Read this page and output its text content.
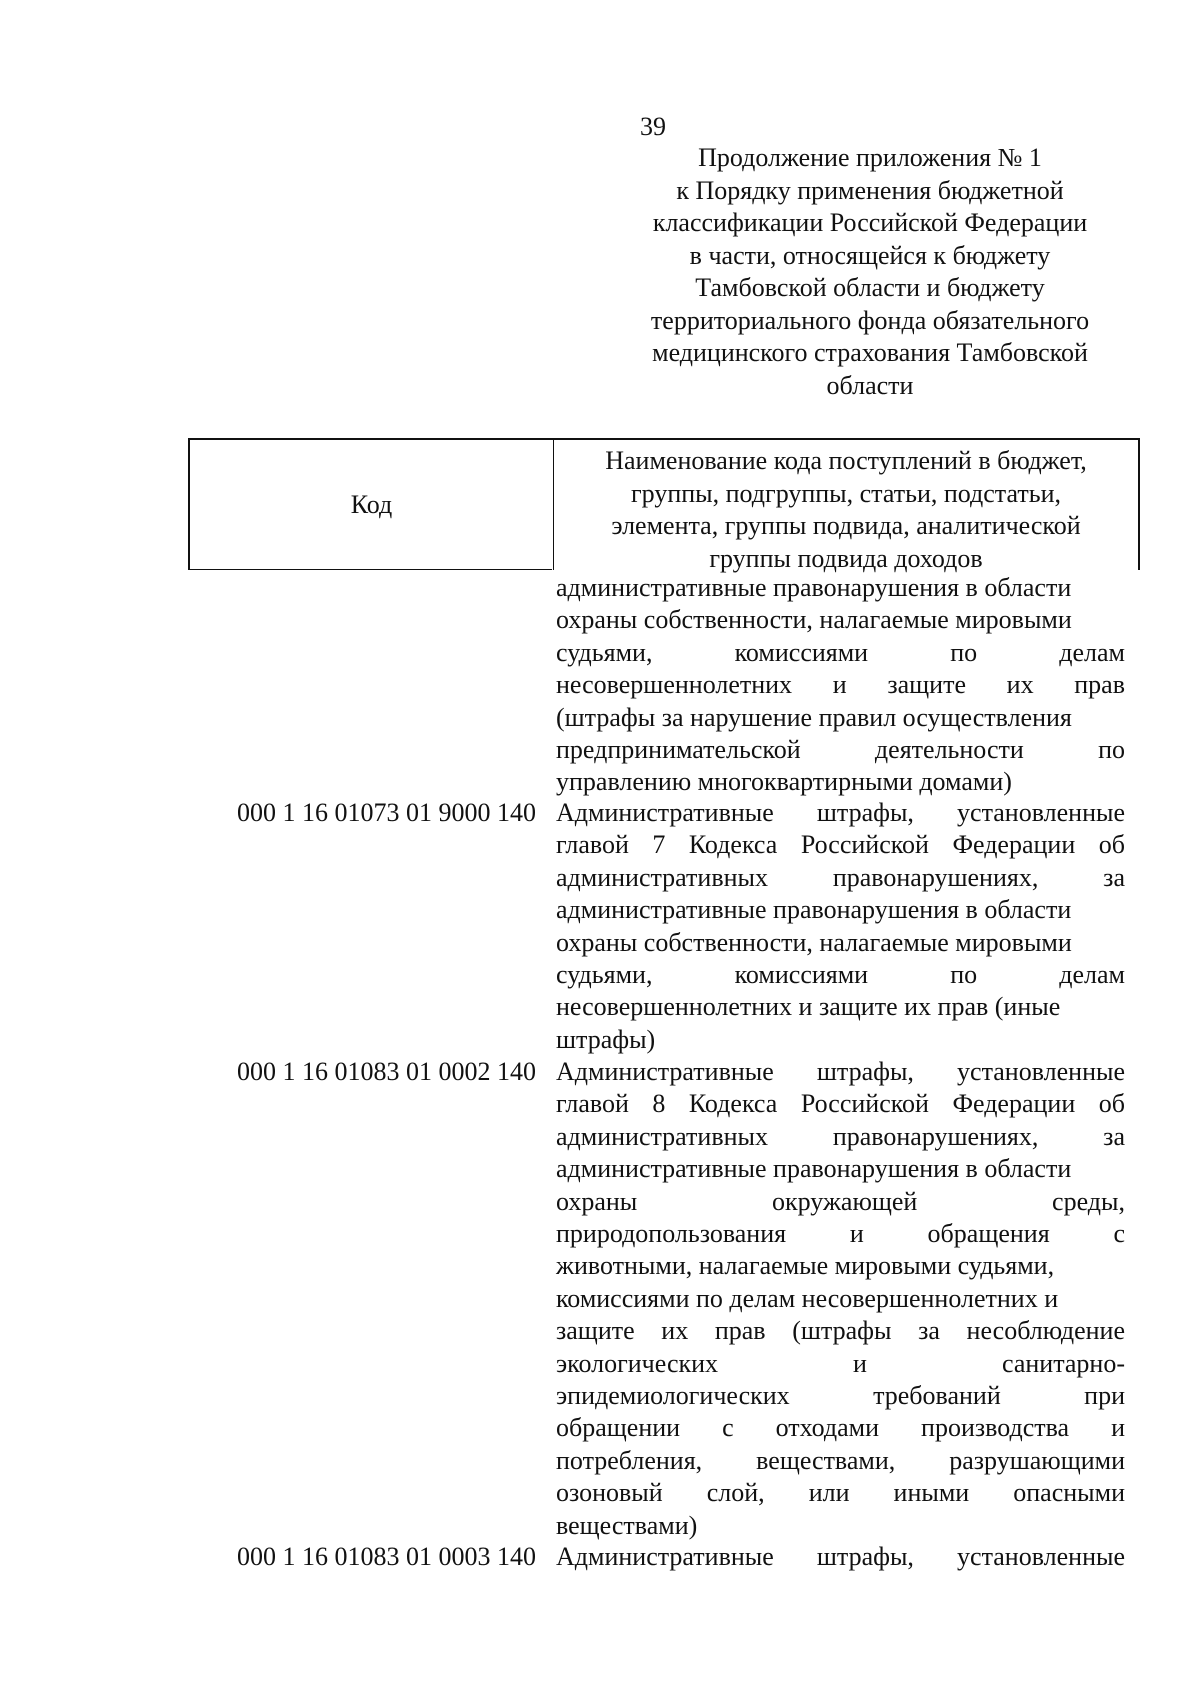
39
Продолжение приложения № 1
к Порядку применения бюджетной
классификации Российской Федерации
в части, относящейся к бюджету
Тамбовской области и бюджету
территориального фонда обязательного
медицинского страхования Тамбовской
области
Код
Наименование кода поступлений в бюджет,
группы, подгруппы, статьи, подстатьи,
элемента, группы подвида, аналитической
группы подвида доходов
административные правонарушения в области
охраны собственности, налагаемые мировыми
судьями, комиссиями по делам
несовершеннолетних и защите их прав
(штрафы за нарушение правил осуществления
предпринимательской деятельности по
управлению многоквартирными домами)
000 1 16 01073 01 9000 140 Административные штрафы, установленные
главой 7 Кодекса Российской Федерации об
административных правонарушениях, за
административные правонарушения в области
охраны собственности, налагаемые мировыми
судьями, комиссиями по делам
несовершеннолетних и защите их прав (иные
штрафы)
000 1 16 01083 01 0002 140 Административные штрафы, установленные
главой 8 Кодекса Российской Федерации об
административных правонарушениях, за
административные правонарушения в области
охраны окружающей среды,
природопользования и обращения с
животными, налагаемые мировыми судьями,
комиссиями по делам несовершеннолетних и
защите их прав (штрафы за несоблюдение
экологических и санитарно-
эпидемиологических требований при
обращении с отходами производства и
потребления, веществами, разрушающими
озоновый слой, или иными опасными
веществами)
000 1 16 01083 01 0003 140 Административные штрафы, установленные
